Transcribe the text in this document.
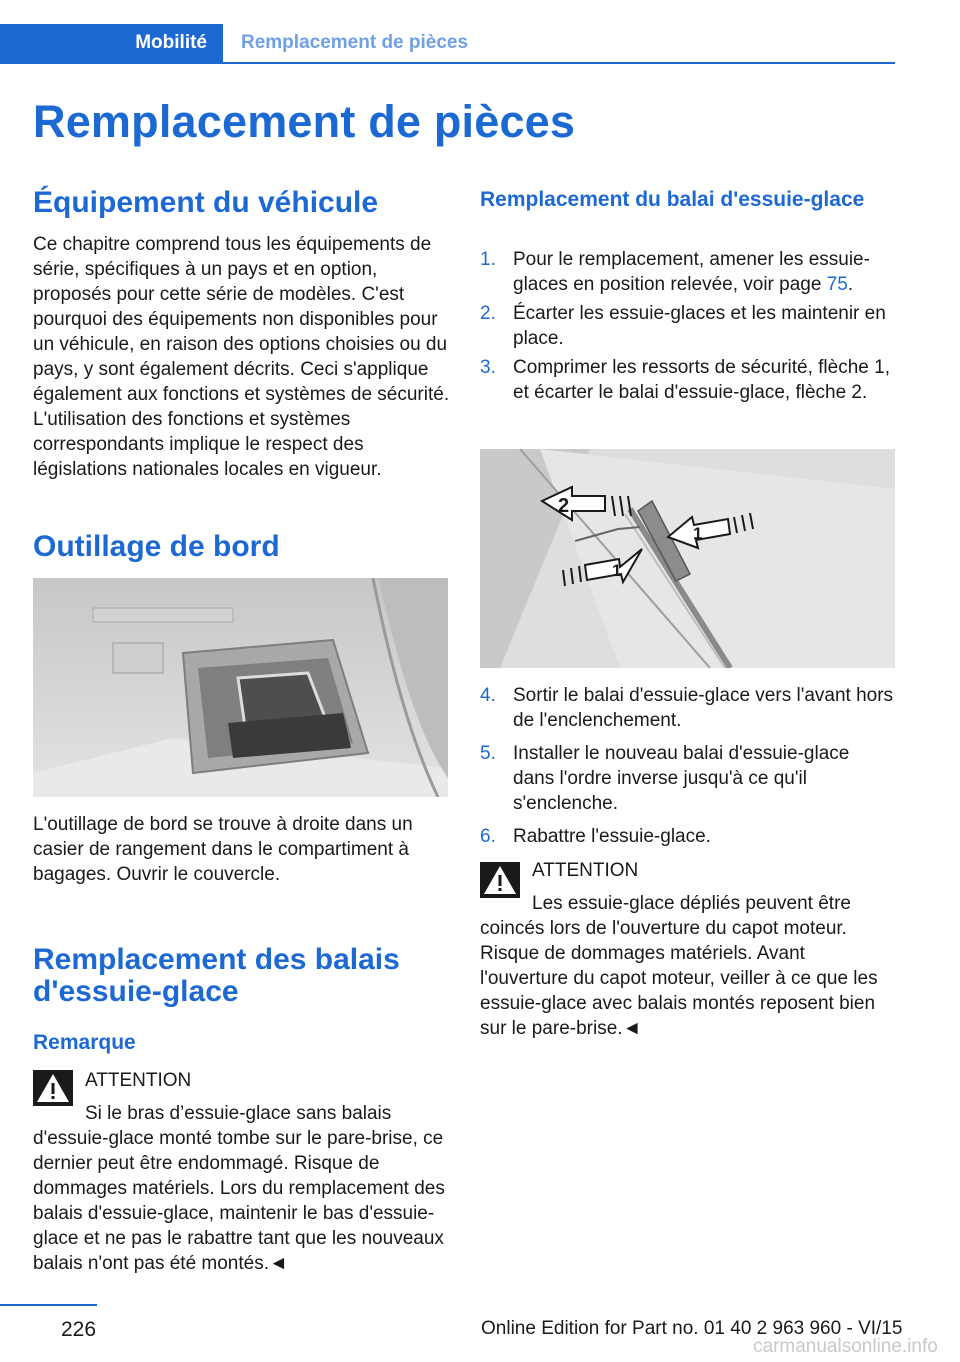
Mobilité	Remplacement de pièces
Remplacement de pièces
Équipement du véhicule

Ce chapitre comprend tous les équipements de série, spécifiques à un pays et en option, proposés pour cette série de modèles. C'est pourquoi des équipements non disponibles pour un véhicule, en raison des options choisies ou du pays, y sont également décrits. Ceci s'applique également aux fonctions et systèmes de sécurité. L'utilisation des fonctions et systèmes correspondants implique le respect des législations nationales locales en vigueur.

Outillage de bord

L'outillage de bord se trouve à droite dans un casier de rangement dans le compartiment à bagages. Ouvrir le couvercle.

Remplacement des balais d'essuie-glace
Remarque
ATTENTION

Si le bras d’essuie-glace sans balais d'essuie-glace monté tombe sur le pare-brise, ce dernier peut être endommagé. Risque de dommages matériels. Lors du remplacement des balais d'essuie-glace, maintenir le bas d'essuie-glace et ne pas le rabattre tant que les nouveaux balais n'ont pas été montés.◄

Remplacement du balai d'essuie-glace
1. Pour le remplacement, amener les essuie-glaces en position relevée, voir page 75.
2. Écarter les essuie-glaces et les maintenir en place.
3. Comprimer les ressorts de sécurité, flèche 1, et écarter le balai d'essuie-glace, flèche 2.
2
1
1
4. Sortir le balai d'essuie-glace vers l'avant hors de l'enclenchement.
5. Installer le nouveau balai d'essuie-glace dans l'ordre inverse jusqu'à ce qu'il s'enclenche.
6. Rabattre l'essuie-glace.
ATTENTION

Les essuie-glace dépliés peuvent être coincés lors de l'ouverture du capot moteur. Risque de dommages matériels. Avant l'ouverture du capot moteur, veiller à ce que les essuie-glace avec balais montés reposent bien sur le pare-brise.◄

226	Online Edition for Part no. 01 40 2 963 960 - VI/15
carmanualsonline.info
